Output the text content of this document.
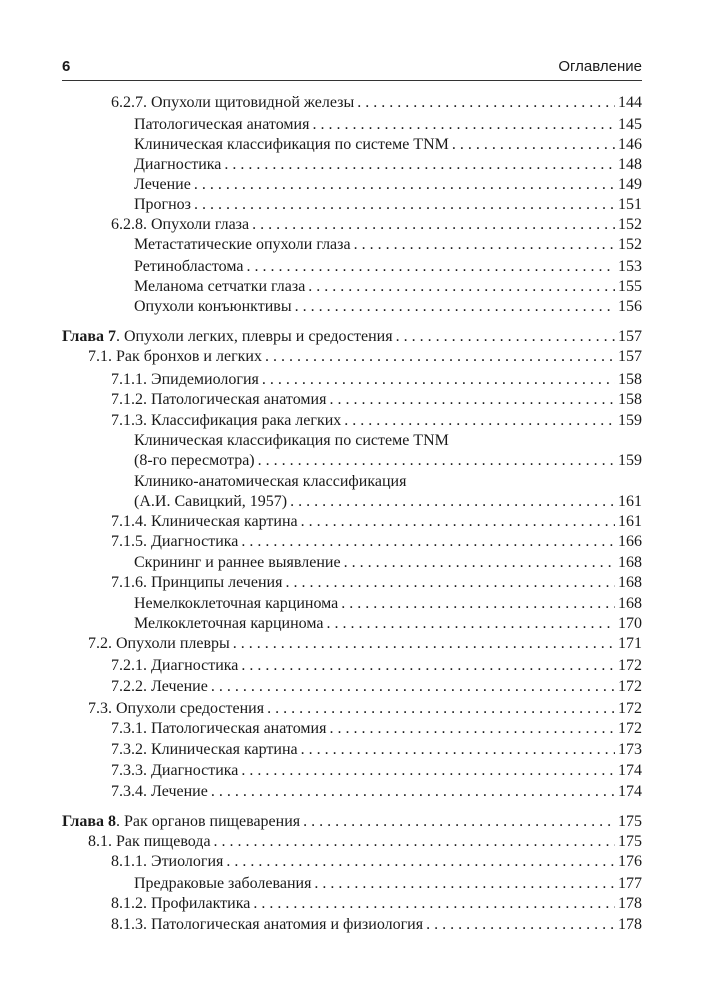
6	Оглавление
6.2.7. Опухоли щитовидной железы . . .	144
Патологическая анатомия . . .	145
Клиническая классификация по системе TNM . . .	146
Диагностика . . .	148
Лечение . . .	149
Прогноз . . .	151
6.2.8. Опухоли глаза . . .	152
Метастатические опухоли глаза . . .	152
Ретинобластома . . .	153
Меланома сетчатки глаза . . .	155
Опухоли конъюнктивы . . .	156
Глава 7. Опухоли легких, плевры и средостения . . .	157
7.1. Рак бронхов и легких . . .	157
7.1.1. Эпидемиология . . .	158
7.1.2. Патологическая анатомия . . .	158
7.1.3. Классификация рака легких . . .	159
Клиническая классификация по системе TNM
(8-го пересмотра) . . .	159
Клинико-анатомическая классификация
(А.И. Савицкий, 1957) . . .	161
7.1.4. Клиническая картина . . .	161
7.1.5. Диагностика . . .	166
Скрининг и раннее выявление . . .	168
7.1.6. Принципы лечения . . .	168
Немелкоклеточная карцинома . . .	168
Мелкоклеточная карцинома . . .	170
7.2. Опухоли плевры . . .	171
7.2.1. Диагностика . . .	172
7.2.2. Лечение . . .	172
7.3. Опухоли средостения . . .	172
7.3.1. Патологическая анатомия . . .	172
7.3.2. Клиническая картина . . .	173
7.3.3. Диагностика . . .	174
7.3.4. Лечение . . .	174
Глава 8. Рак органов пищеварения . . .	175
8.1. Рак пищевода . . .	175
8.1.1. Этиология . . .	176
Предраковые заболевания . . .	177
8.1.2. Профилактика . . .	178
8.1.3. Патологическая анатомия и физиология . . .	178
